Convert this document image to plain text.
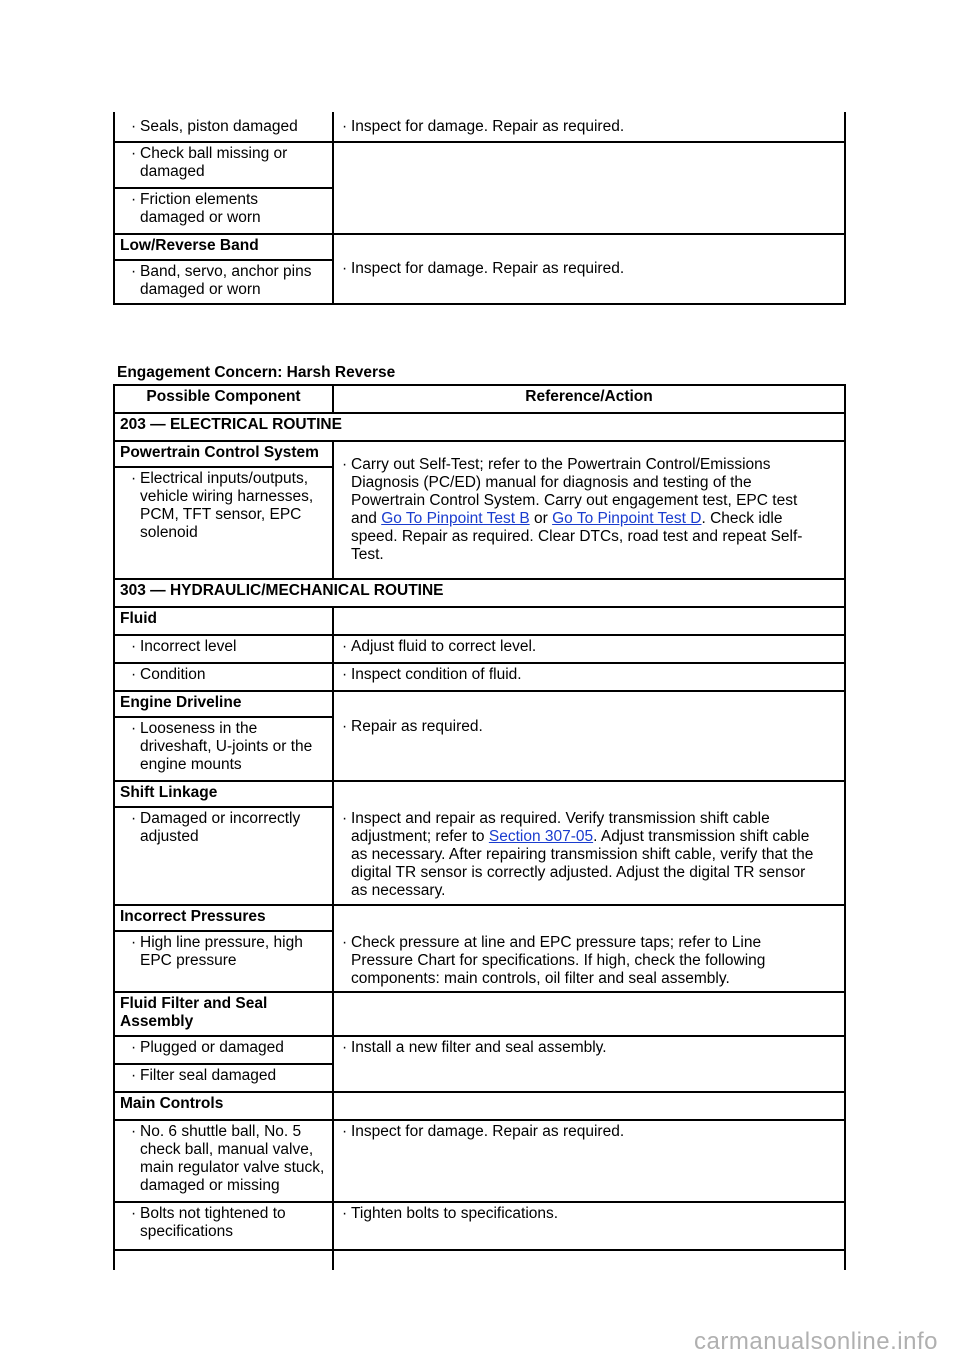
· Seals, piston damaged	· Inspect for damage. Repair as required.
· Check ball missing or damaged	
· Friction elements damaged or worn	
Low/Reverse Band	· Inspect for damage. Repair as required.
· Band, servo, anchor pins damaged or worn	
Engagement Concern: Harsh Reverse
Possible Component	Reference/Action
203 — ELECTRICAL ROUTINE	
Powertrain Control System	· Carry out Self-Test; refer to the Powertrain Control/Emissions Diagnosis (PC/ED) manual for diagnosis and testing of the Powertrain Control System. Carry out engagement test, EPC test and Go To Pinpoint Test B or Go To Pinpoint Test D. Check idle speed. Repair as required. Clear DTCs, road test and repeat Self-Test.
· Electrical inputs/outputs, vehicle wiring harnesses, PCM, TFT sensor, EPC solenoid	
303 — HYDRAULIC/MECHANICAL ROUTINE	
Fluid	
· Incorrect level	· Adjust fluid to correct level.
· Condition	· Inspect condition of fluid.
Engine Driveline	· Repair as required.
· Looseness in the driveshaft, U-joints or the engine mounts	
Shift Linkage	· Inspect and repair as required. Verify transmission shift cable adjustment; refer to Section 307-05. Adjust transmission shift cable as necessary. After repairing transmission shift cable, verify that the digital TR sensor is correctly adjusted. Adjust the digital TR sensor as necessary.
· Damaged or incorrectly adjusted	
Incorrect Pressures	· Check pressure at line and EPC pressure taps; refer to Line Pressure Chart for specifications. If high, check the following components: main controls, oil filter and seal assembly.
· High line pressure, high EPC pressure	
Fluid Filter and Seal Assembly	
· Plugged or damaged	· Install a new filter and seal assembly.
· Filter seal damaged	
Main Controls	
· No. 6 shuttle ball, No. 5 check ball, manual valve, main regulator valve stuck, damaged or missing	· Inspect for damage. Repair as required.
· Bolts not tightened to specifications	· Tighten bolts to specifications.

carmanualsonline.info
